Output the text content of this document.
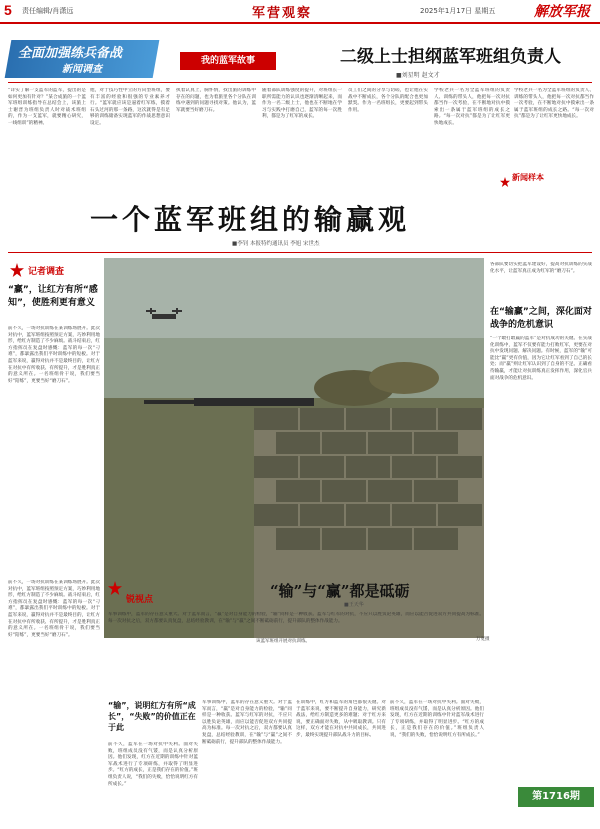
5 责任编辑/肖潇远	军营观察	2025年1月17日 星期五	解放军报
全面加强练兵备战
新闻调查
我的蓝军故事	二级上士担纲蓝军班组负责人
■刘星明 赵文才
“详实了解一支蓝军的蓝军，提出的是如何更加有针对？”某合成旅的一个蓝军班组训练指导在总结会上，该旅上士谢晋为班组负责人时对战术班组的，作为一支蓝军，就要精心研究，一线组训”的精神。
他，对于技巧性中立的方向型班组，要有丰富的经验和很强的专业素养才行。“蓝军就应该是逼着红军练，摸着石头过河的那一条路，这次就得是有足够的训练储备实现蓝军的作战思想意识设定。
执着认真上，胸怀情，找出旅的训练中存在的问题，也为着旅里各个分队在训练中遇到的问题寻找对策。他认为，蓝军就要当好磨刀石。
随着部队训练强度的提升，对班组长一职所需能力的认识也逐渐清晰起来，而作为一名二级上士，他也在不断地在学习与实践中打磨自己，蓝军的每一次胜利，都是为了红军的成长。
员工们之间的分享与切磋，也让他在实战中不断成长，各个分队的配合也更加默契。作为一名班组长，更要起到带头作用。
学校老兵一名为全蓝军班组的负责人、训练的带头人，他把每一次对抗都当作一次考验，在不断地对抗中摸索出一条属于蓝军班组的成长之路。“每一次对抗”都是为了让红军更快地成长。
学校老兵一名为全蓝军班组的负责人、训练的带头人，他把每一次对抗都当作一次考验，在不断地对抗中摸索出一条属于蓝军班组的成长之路。“每一次对抗”都是为了让红军更快地成长。
新闻样本
一个蓝军班组的输赢观
■李钊 本报特约通讯员 李旭 宋世杰
记者调查
“赢”，让红方有所“感知”，使胜利更有意义
前不久，一场对抗训练在某训练场展开。此次对抗中，蓝军班组按照预定方案，巧妙利用地形，给红方制造了不少麻烦。战斗结束后，红方指挥员在复盘时感慨：蓝军的每一次“刁难”，都暴露出我们平时训练中的短板。对于蓝军来说，赢得对抗并不是最终目的，让红方在对抗中有所收获、有所提升，才是胜利真正的意义所在。一名班组骨干说，我们要当好“陪练”，更要当好“磨刀石”。
该蓝军班组开展对抗训练。	万宽摄
各部队要切实把蓝军建设好，提高对抗训练的实战化水平，让蓝军真正成为红军的“磨刀石”。
在“输赢”之间，深化面对战争的危机意识
“一个敢打敢赢的蓝军”是对抗成功的关键。在实战化训练中，蓝军不仅要有能力打败红军，更要在对抗中发现问题、解决问题。有时候，蓝军的“输”可能比“赢”更有价值，因为它让红军看到了自己的长处；而“赢”则让红军认识到了自身的不足。正确看待输赢，才能让对抗训练真正发挥作用，深化官兵面对战争的危机意识。
锐视点	“输”与“赢”都是砥砺
■王天华
军事训练中，蓝军的存在意义重大。对于蓝军而言，“赢”是对自身能力的检验，“输”同样是一种收获。蓝军与红军的对抗，不应只以胜负论英雄，而应以能否促进双方共同提高为标准。每一次对抗之后，双方都要认真复盘，总结经验教训，在“输”与“赢”之间不断砥砺前行，提升部队的整体作战能力。
“输”，说明红方有所“成长”，“失败”的价值正在于此
前不久，蓝军在一场对抗中失利。面对失败，班组成员没有气馁，而是认真分析原因。他们发现，红方在近期的训练中针对蓝军战术进行了专项研练，并取得了明显进步。“红方的成长，正是我们存在的价值。”班组负责人说，“我们的失败，恰恰说明红方有所成长。”
军事训练中，蓝军的存在意义重大。对于蓝军而言，“赢”是对自身能力的检验，“输”同样是一种收获。蓝军与红军的对抗，不应只以胜负论英雄，而应以能否促进双方共同提高为标准。每一次对抗之后，双方都要认真复盘，总结经验教训，在“输”与“赢”之间不断砥砺前行，提升部队的整体作战能力。
在训练中，红方和蓝军的角色都很关键。对于蓝军来说，要不断提升自身能力，研究新战法，给红方制造更多的难题；对于红方来说，要正确面对失败，从中吸取教训。只有这样，双方才能在对抗中共同成长，共同进步，最终实现提升部队战斗力的目标。
前不久，蓝军在一场对抗中失利。面对失败，班组成员没有气馁，而是认真分析原因。他们发现，红方在近期的训练中针对蓝军战术进行了专项研练，并取得了明显进步。“红方的成长，正是我们存在的价值。”班组负责人说，“我们的失败，恰恰说明红方有所成长。”
前不久，一场对抗训练在某训练场展开。此次对抗中，蓝军班组按照预定方案，巧妙利用地形，给红方制造了不少麻烦。战斗结束后，红方指挥员在复盘时感慨：蓝军的每一次“刁难”，都暴露出我们平时训练中的短板。对于蓝军来说，赢得对抗并不是最终目的，让红方在对抗中有所收获、有所提升，才是胜利真正的意义所在。一名班组骨干说，我们要当好“陪练”，更要当好“磨刀石”。
第1716期
